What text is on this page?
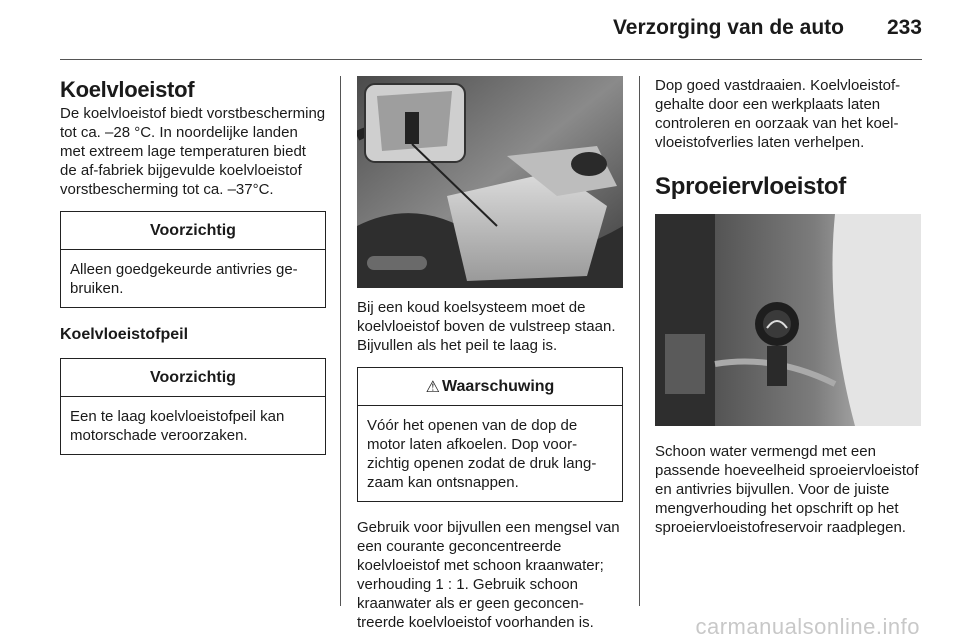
Verzorging van de auto 233
Koelvloeistof

De koelvloeistof biedt vorstbescherming tot ca. –28 °C. In noordelijke landen met extreem lage temperaturen biedt de af-fabriek bijgevulde koelvloeistof vorstbescherming tot ca. –37°C.

Voorzichtig
Alleen goedgekeurde antivries gebruiken.
Koelvloeistofpeil
Voorzichtig
Een te laag koelvloeistofpeil kan motorschade veroorzaken.

Bij een koud koelsysteem moet de koelvloeistof boven de vulstreep staan. Bijvullen als het peil te laag is.

⚠ Waarschuwing
Vóór het openen van de dop de motor laten afkoelen. Dop voorzichtig openen zodat de druk langzaam kan ontsnappen.

Gebruik voor bijvullen een mengsel van een courante geconcentreerde koelvloeistof met schoon kraanwater; verhouding 1 : 1. Gebruik schoon kraanwater als er geen geconcentreerde koelvloeistof voorhanden is.

Dop goed vastdraaien. Koelvloeistofgehalte door een werkplaats laten controleren en oorzaak van het koelvloeistofverlies laten verhelpen.

Sproeiervloeistof

Schoon water vermengd met een passende hoeveelheid sproeiervloeistof en antivries bijvullen. Voor de juiste mengverhouding het opschrift op het sproeiervloeistofreservoir raadplegen.

carmanualsonline.info
